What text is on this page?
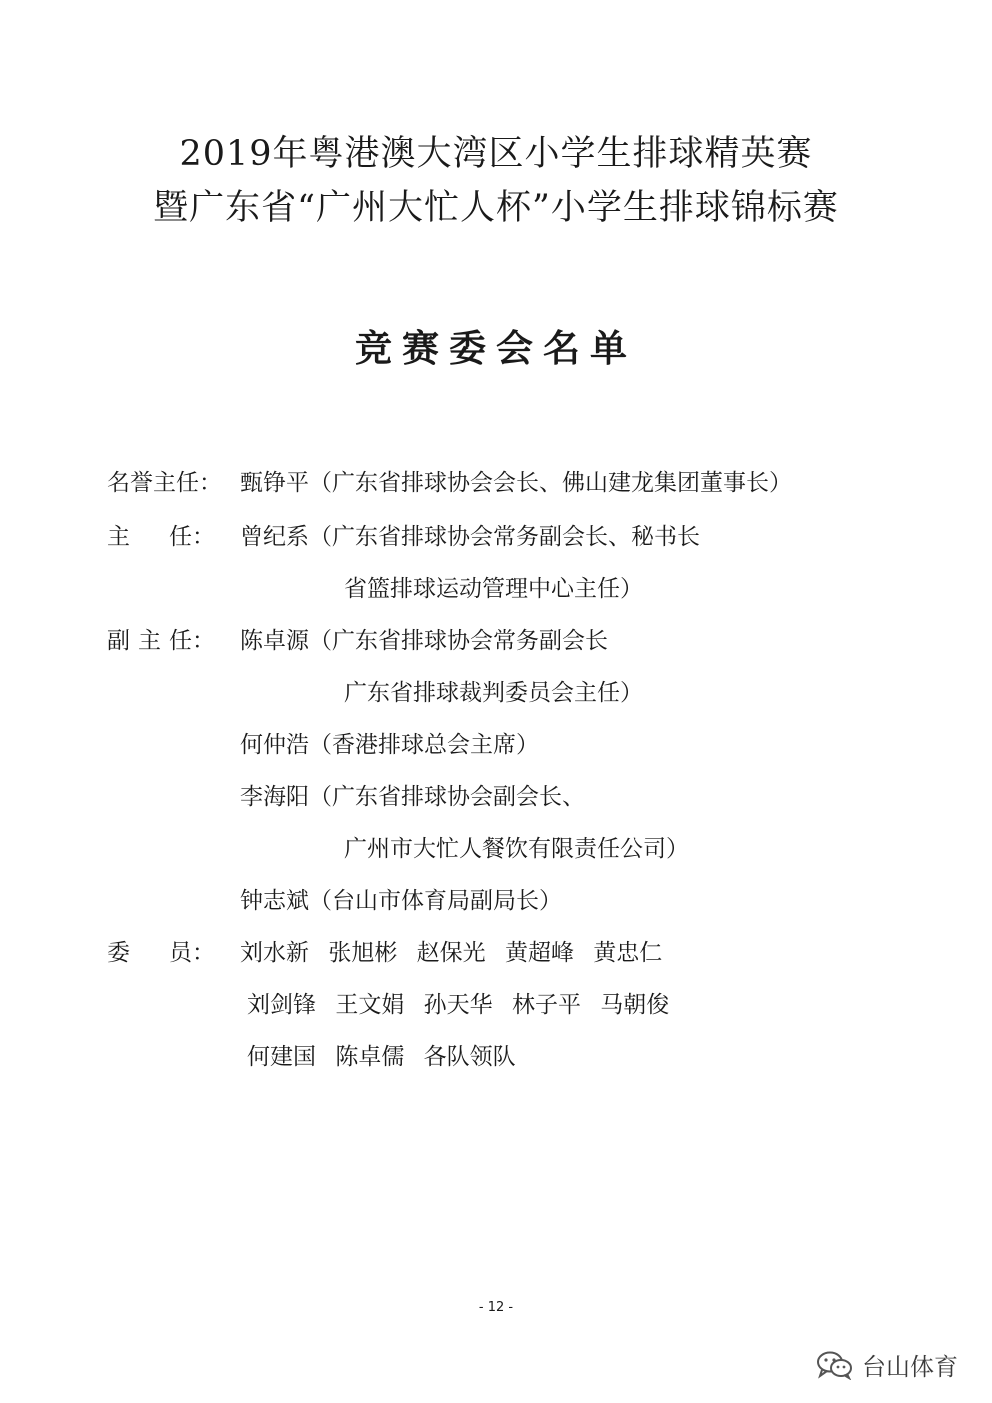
2019年粤港澳大湾区小学生排球精英赛
暨广东省“广州大忙人杯”小学生排球锦标赛
竞赛委会名单
名誉主任： 甄铮平（广东省排球协会会长、佛山建龙集团董事长）
主 任： 曾纪系（广东省排球协会常务副会长、秘书长
省篮排球运动管理中心主任）
副 主 任： 陈卓源（广东省排球协会常务副会长
广东省排球裁判委员会主任）
何仲浩（香港排球总会主席）
李海阳（广东省排球协会副会长、
广州市大忙人餐饮有限责任公司）
钟志斌（台山市体育局副局长）
委 员： 刘水新 张旭彬 赵保光 黄超峰 黄忠仁
刘剑锋 王文娟 孙天华 林子平 马朝俊
何建国 陈卓儒 各队领队
- 12 -
台山体育
